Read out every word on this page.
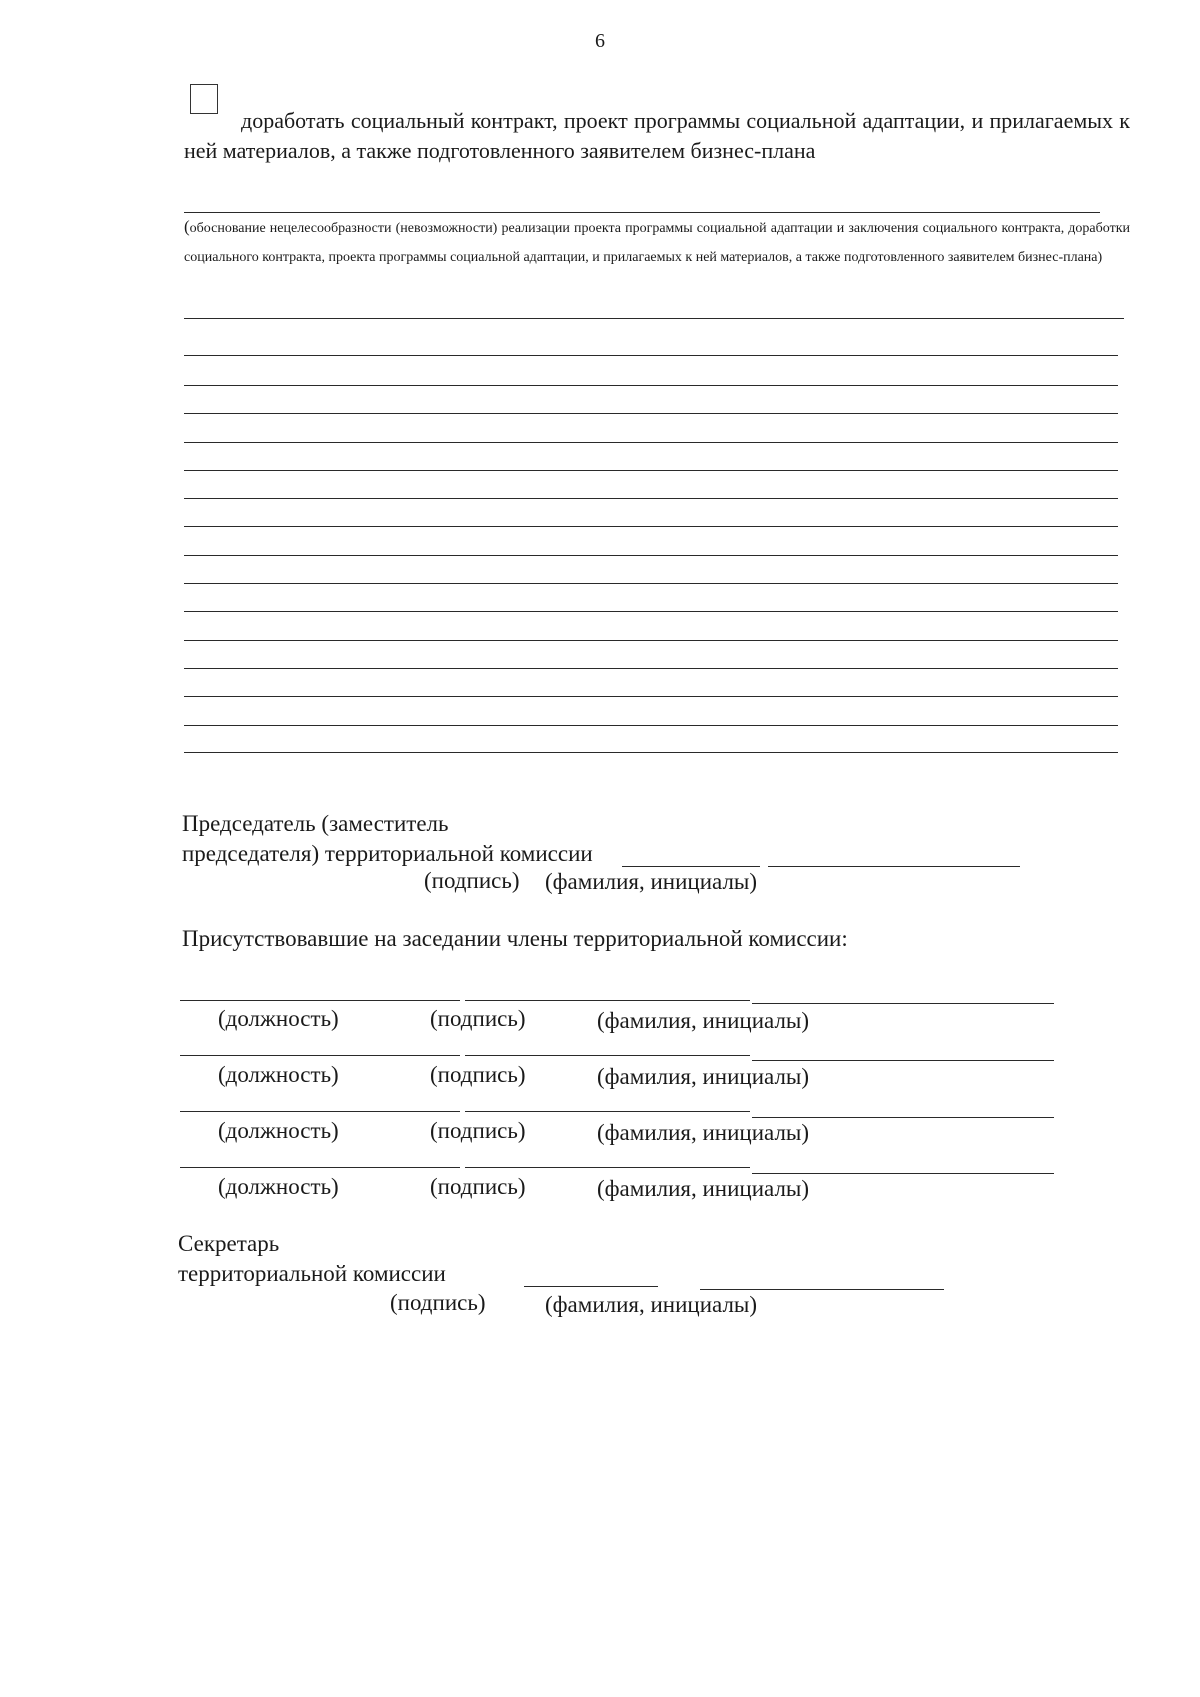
6
доработать социальный контракт, проект программы социальной адаптации, и прилагаемых к ней материалов, а также подготовленного заявителем бизнес-плана
(обоснование нецелесообразности (невозможности) реализации проекта программы социальной адаптации и заключения социального контракта, доработки социального контракта, проекта программы социальной адаптации, и прилагаемых к ней материалов, а также подготовленного заявителем бизнес-плана)
Председатель (заместитель
председателя) территориальной комиссии
(подпись) (фамилия, инициалы)
Присутствовавшие на заседании члены территориальной комиссии:
(должность)	(подпись)	(фамилия, инициалы)
(должность)	(подпись)	(фамилия, инициалы)
(должность)	(подпись)	(фамилия, инициалы)
(должность)	(подпись)	(фамилия, инициалы)
Секретарь
территориальной комиссии
(подпись)	(фамилия, инициалы)
